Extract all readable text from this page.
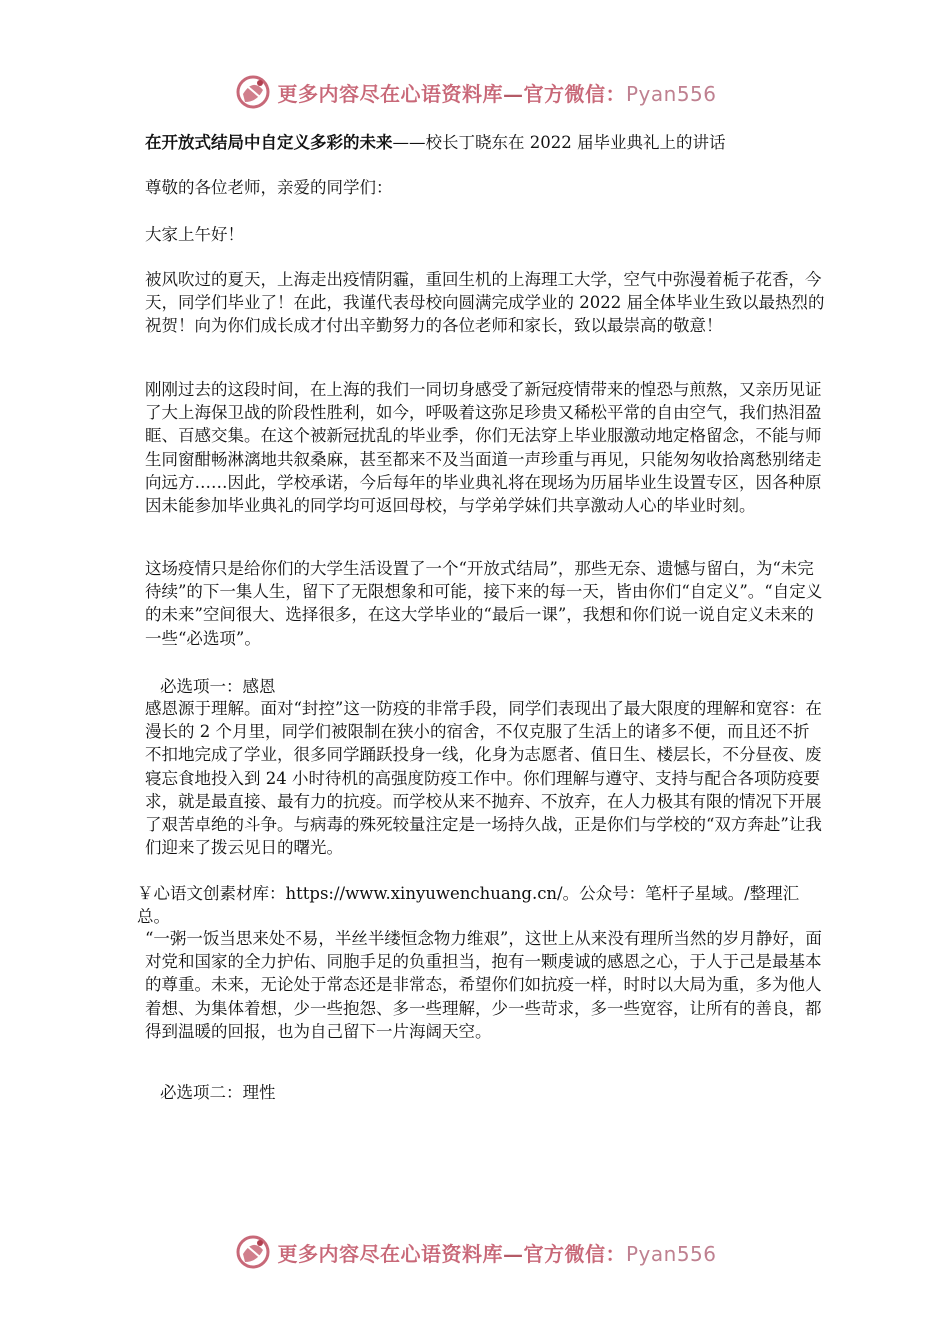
更多内容尽在心语资料库—官方微信：Pyan556

在开放式结局中自定义多彩的未来——校长丁晓东在 2022 届毕业典礼上的讲话

尊敬的各位老师，亲爱的同学们：

大家上午好！

被风吹过的夏天，上海走出疫情阴霾，重回生机的上海理工大学，空气中弥漫着栀子花香，今天，同学们毕业了！在此，我谨代表母校向圆满完成学业的 2022 届全体毕业生致以最热烈的祝贺！向为你们成长成才付出辛勤努力的各位老师和家长，致以最崇高的敬意！

刚刚过去的这段时间，在上海的我们一同切身感受了新冠疫情带来的惶恐与煎熬，又亲历见证了大上海保卫战的阶段性胜利，如今，呼吸着这弥足珍贵又稀松平常的自由空气，我们热泪盈眶、百感交集。在这个被新冠扰乱的毕业季，你们无法穿上毕业服激动地定格留念，不能与师生同窗酣畅淋漓地共叙桑麻，甚至都来不及当面道一声珍重与再见，只能匆匆收拾离愁别绪走向远方……因此，学校承诺，今后每年的毕业典礼将在现场为历届毕业生设置专区，因各种原因未能参加毕业典礼的同学均可返回母校，与学弟学妹们共享激动人心的毕业时刻。

这场疫情只是给你们的大学生活设置了一个“开放式结局”，那些无奈、遗憾与留白，为“未完待续”的下一集人生，留下了无限想象和可能，接下来的每一天，皆由你们“自定义”。“自定义的未来”空间很大、选择很多，在这大学毕业的“最后一课”，我想和你们说一说自定义未来的一些“必选项”。

必选项一：感恩

感恩源于理解。面对“封控”这一防疫的非常手段，同学们表现出了最大限度的理解和宽容：在漫长的 2 个月里，同学们被限制在狭小的宿舍，不仅克服了生活上的诸多不便，而且还不折不扣地完成了学业，很多同学踊跃投身一线，化身为志愿者、值日生、楼层长，不分昼夜、废寝忘食地投入到 24 小时待机的高强度防疫工作中。你们理解与遵守、支持与配合各项防疫要求，就是最直接、最有力的抗疫。而学校从来不抛弃、不放弃，在人力极其有限的情况下开展了艰苦卓绝的斗争。与病毒的殊死较量注定是一场持久战，正是你们与学校的“双方奔赴”让我们迎来了拨云见日的曙光。

￥心语文创素材库：https://www.xinyuwenchuang.cn/。公众号：笔杆子星域。/整理汇总。

“一粥一饭当思来处不易，半丝半缕恒念物力维艰”，这世上从来没有理所当然的岁月静好，面对党和国家的全力护佑、同胞手足的负重担当，抱有一颗虔诚的感恩之心，于人于己是最基本的尊重。未来，无论处于常态还是非常态，希望你们如抗疫一样，时时以大局为重，多为他人着想、为集体着想，少一些抱怨、多一些理解，少一些苛求，多一些宽容，让所有的善良，都得到温暖的回报，也为自己留下一片海阔天空。

必选项二：理性

更多内容尽在心语资料库—官方微信：Pyan556
